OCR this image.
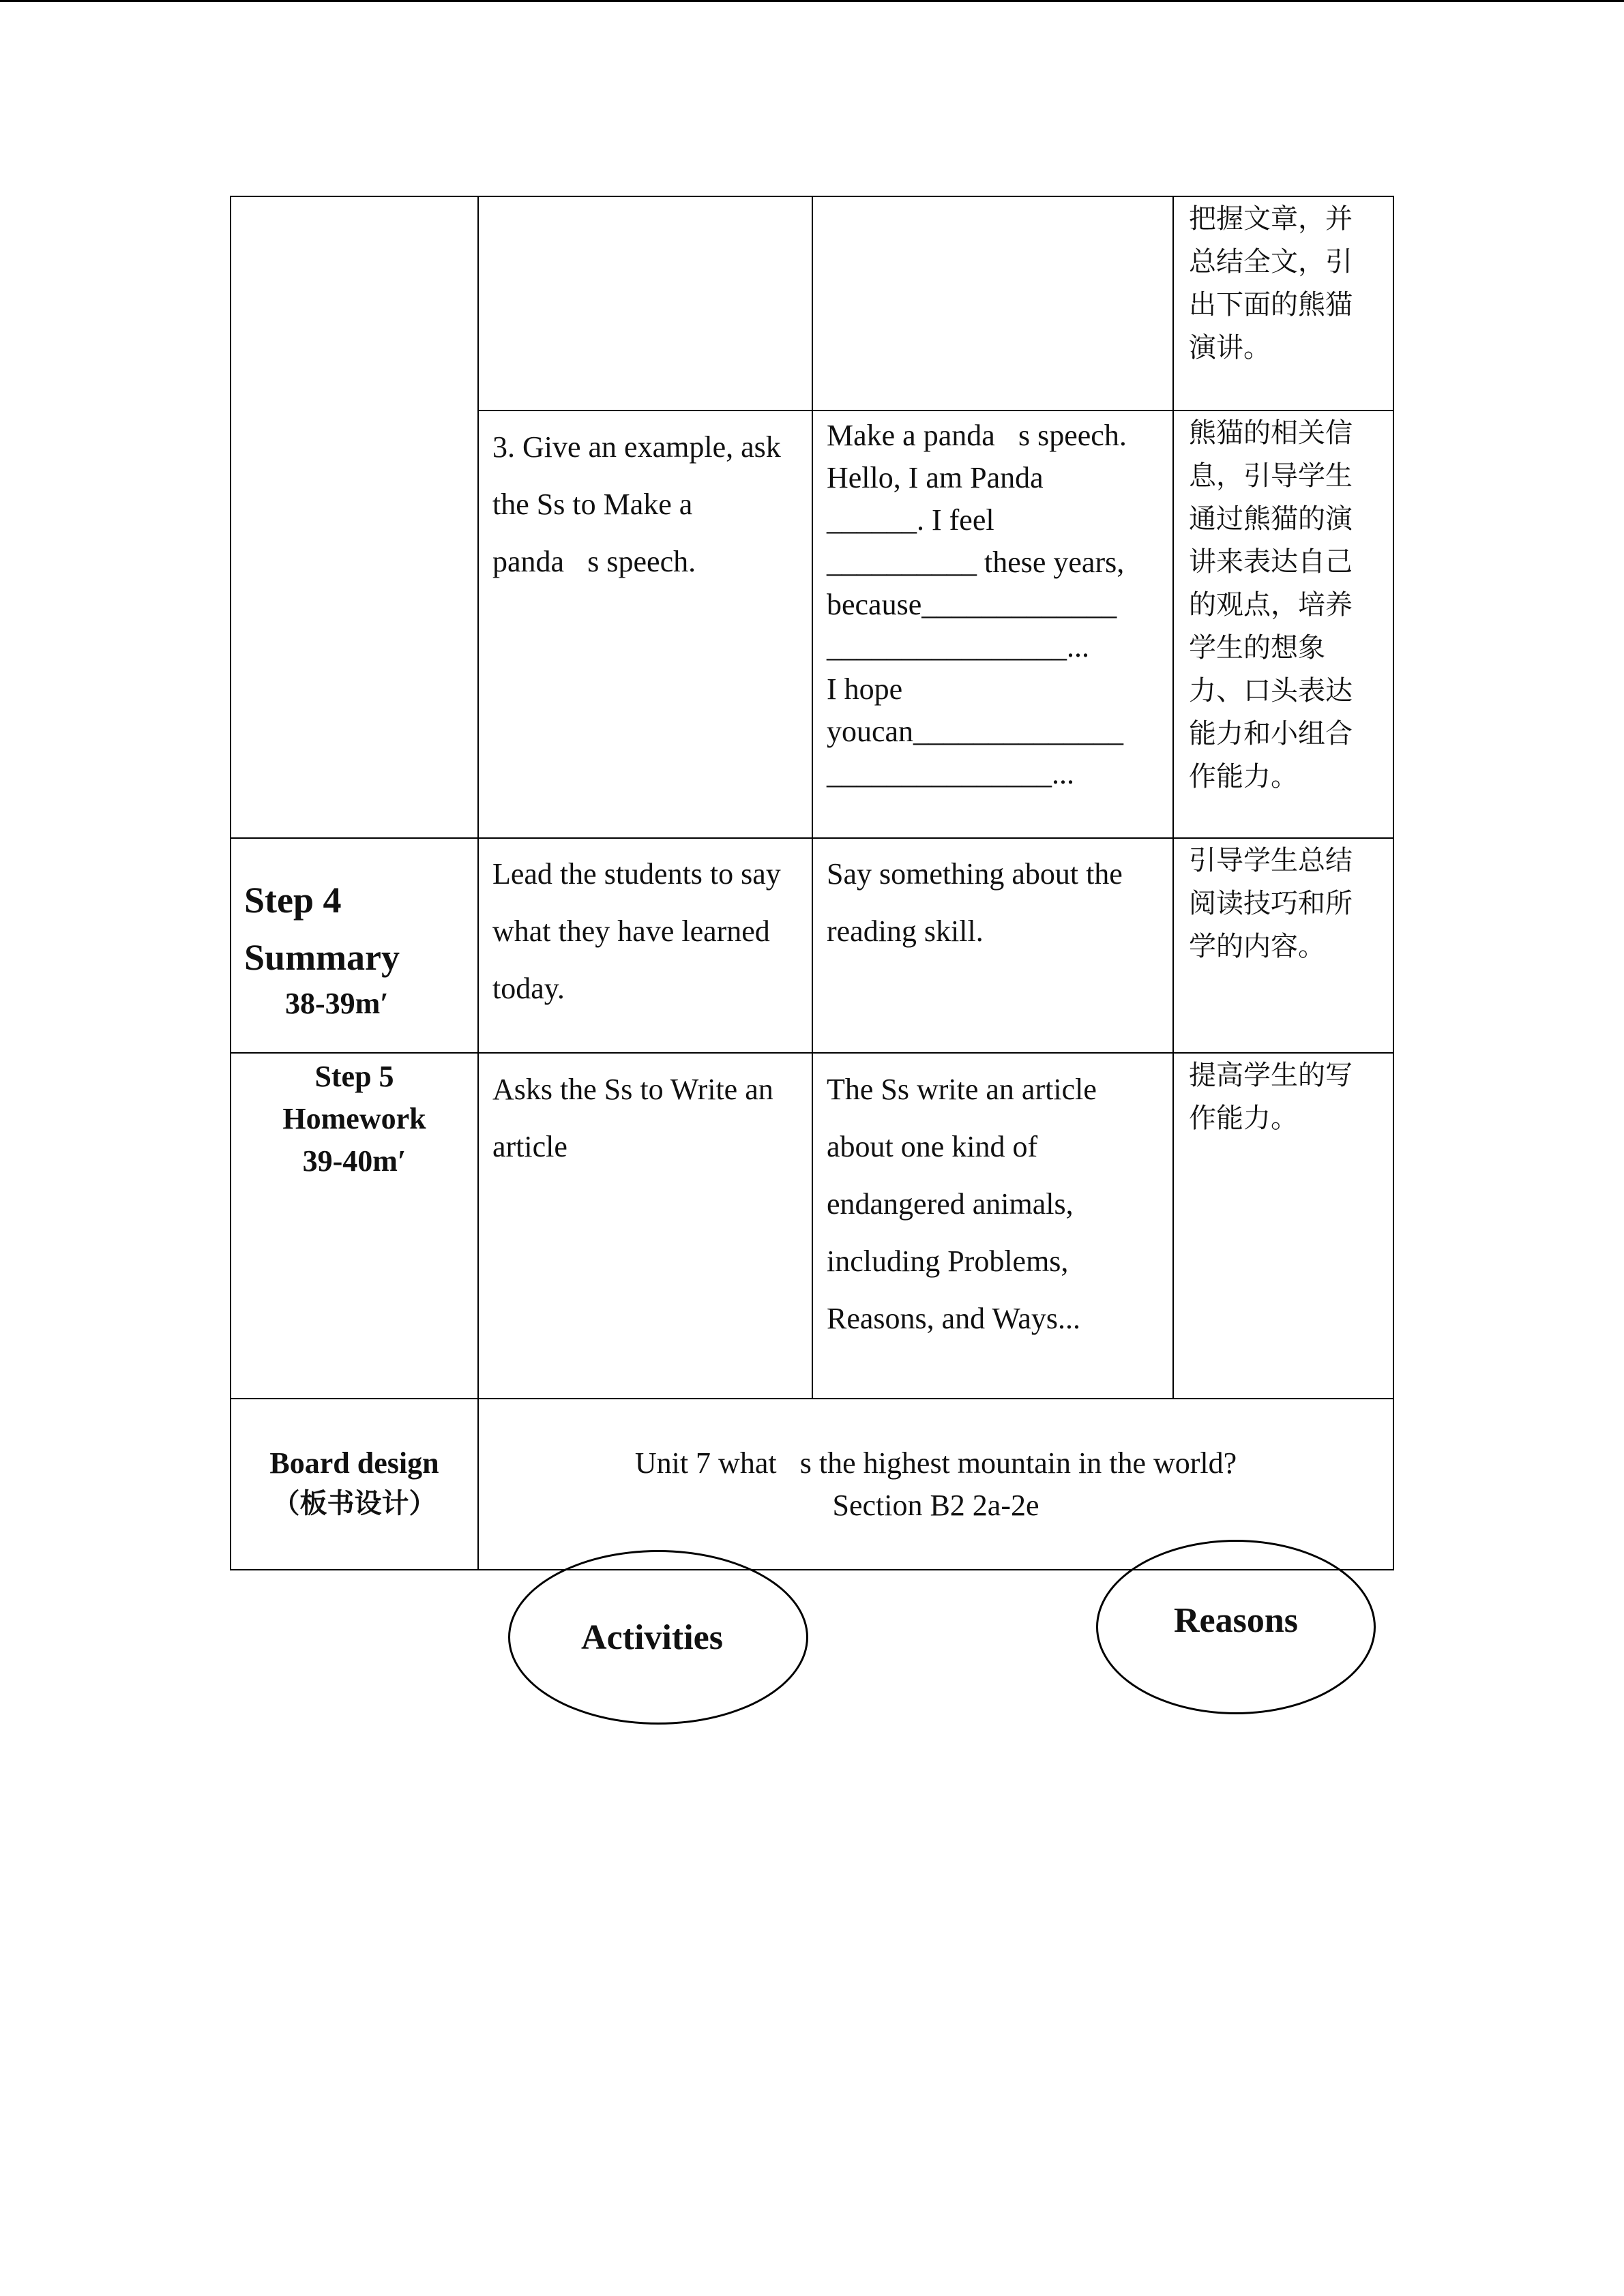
把握文章，并总结全文，引出下面的熊猫演讲。
3. Give an example, ask the Ss to Make a panda s speech.
Make a panda s speech.
Hello, I am Panda
______. I feel
__________ these years,
because_____________
________________...
I hope
youcan______________
_______________...
熊猫的相关信息，引导学生通过熊猫的演讲来表达自己的观点，培养学生的想象力、口头表达能力和小组合作能力。
Step 4
Summary
38-39m′
Lead the students to say what they have learned today.
Say something about the reading skill.
引导学生总结阅读技巧和所学的内容。
Step 5
Homework
39-40m′
Asks the Ss to Write an article
The Ss write an article about one kind of endangered animals, including Problems, Reasons, and Ways...
提高学生的写作能力。
Board design
（板书设计）
Unit 7 what s the highest mountain in the world?
Section B2 2a-2e
Activities	Reasons
